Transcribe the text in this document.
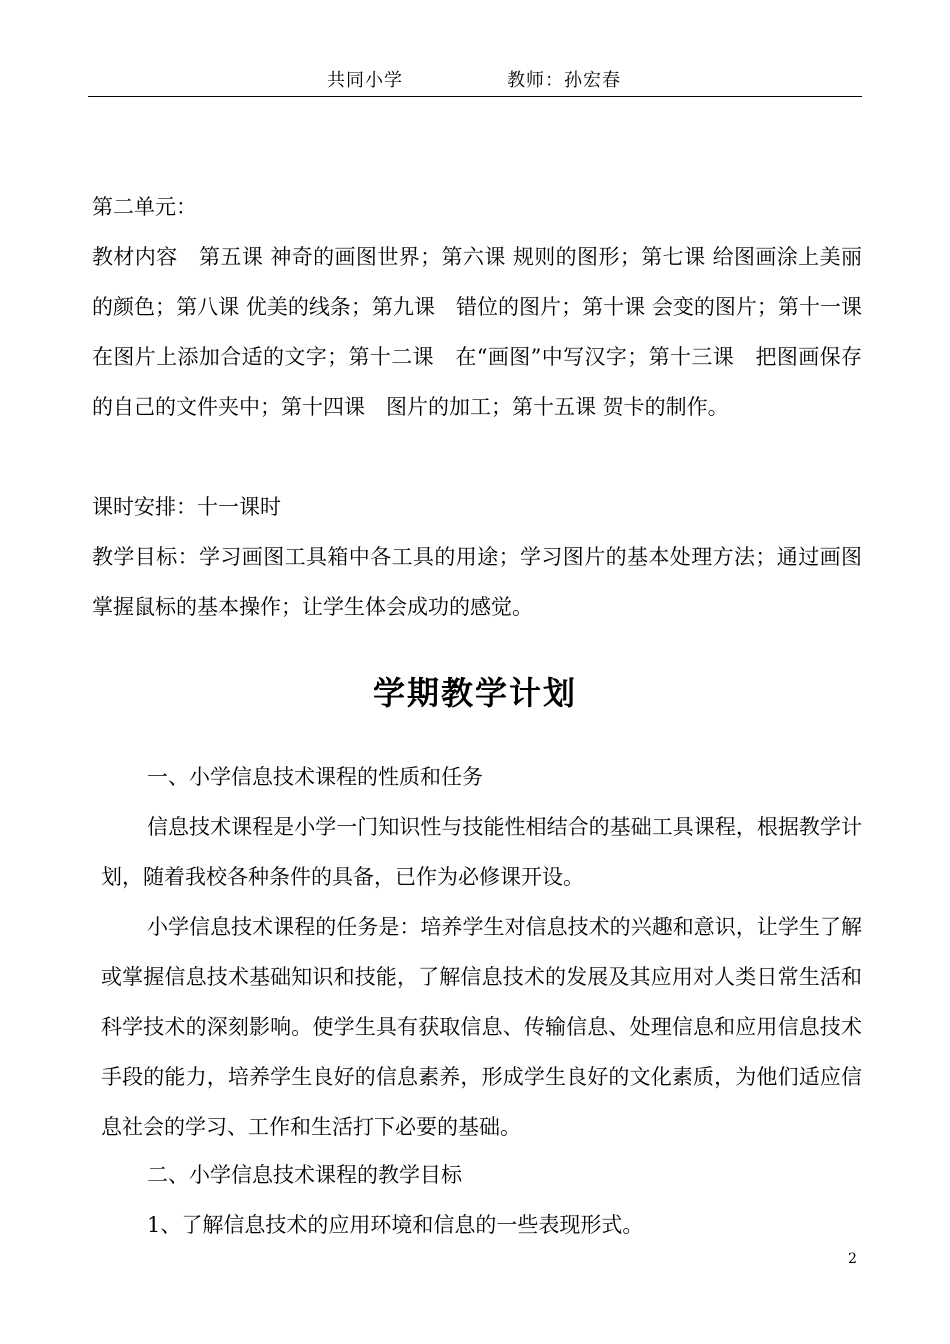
共同小学	教师：孙宏春

第二单元：

教材内容　第五课 神奇的画图世界；第六课 规则的图形；第七课 给图画涂上美丽的颜色；第八课 优美的线条；第九课　错位的图片；第十课 会变的图片；第十一课　在图片上添加合适的文字；第十二课　在“画图”中写汉字；第十三课　把图画保存的自己的文件夹中；第十四课　图片的加工；第十五课 贺卡的制作。

课时安排：十一课时

教学目标：学习画图工具箱中各工具的用途；学习图片的基本处理方法；通过画图掌握鼠标的基本操作；让学生体会成功的感觉。

学期教学计划

一、小学信息技术课程的性质和任务

信息技术课程是小学一门知识性与技能性相结合的基础工具课程，根据教学计划，随着我校各种条件的具备，已作为必修课开设。

小学信息技术课程的任务是：培养学生对信息技术的兴趣和意识，让学生了解或掌握信息技术基础知识和技能，了解信息技术的发展及其应用对人类日常生活和科学技术的深刻影响。使学生具有获取信息、传输信息、处理信息和应用信息技术手段的能力，培养学生良好的信息素养，形成学生良好的文化素质，为他们适应信息社会的学习、工作和生活打下必要的基础。

二、小学信息技术课程的教学目标

1、了解信息技术的应用环境和信息的一些表现形式。

2
